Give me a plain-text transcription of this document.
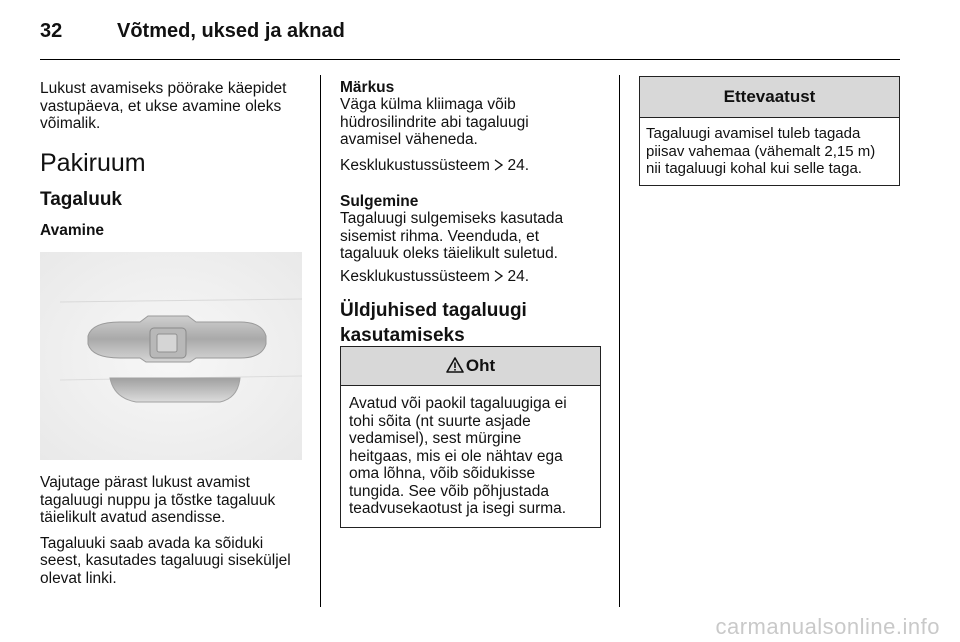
32	Võtmed, uksed ja aknad

Lukust avamiseks pöörake käepidet
vastupäeva, et ukse avamine oleks
võimalik.

Pakiruum
Tagaluuk
Avamine

Vajutage pärast lukust avamist
tagaluugi nuppu ja tõstke tagaluuk
täielikult avatud asendisse.

Tagaluuki saab avada ka sõiduki
seest, kasutades tagaluugi siseküljel
olevat linki.

Märkus

Väga külma kliimaga võib
hüdrosilindrite abi tagaluugi
avamisel väheneda.

Kesklukustussüsteem 24.
Sulgemine

Tagaluugi sulgemiseks kasutada
sisemist rihma. Veenduda, et
tagaluuk oleks täielikult suletud.

Kesklukustussüsteem 24.
Üldjuhised tagaluugi
kasutamiseks
Oht
Avatud või paokil tagaluugiga ei
tohi sõita (nt suurte asjade
vedamisel), sest mürgine
heitgaas, mis ei ole nähtav ega
oma lõhna, võib sõidukisse
tungida. See võib põhjustada
teadvusekaotust ja isegi surma.
Ettevaatust
Tagaluugi avamisel tuleb tagada
piisav vahemaa (vähemalt 2,15 m)
nii tagaluugi kohal kui selle taga.
carmanualsonline.info
